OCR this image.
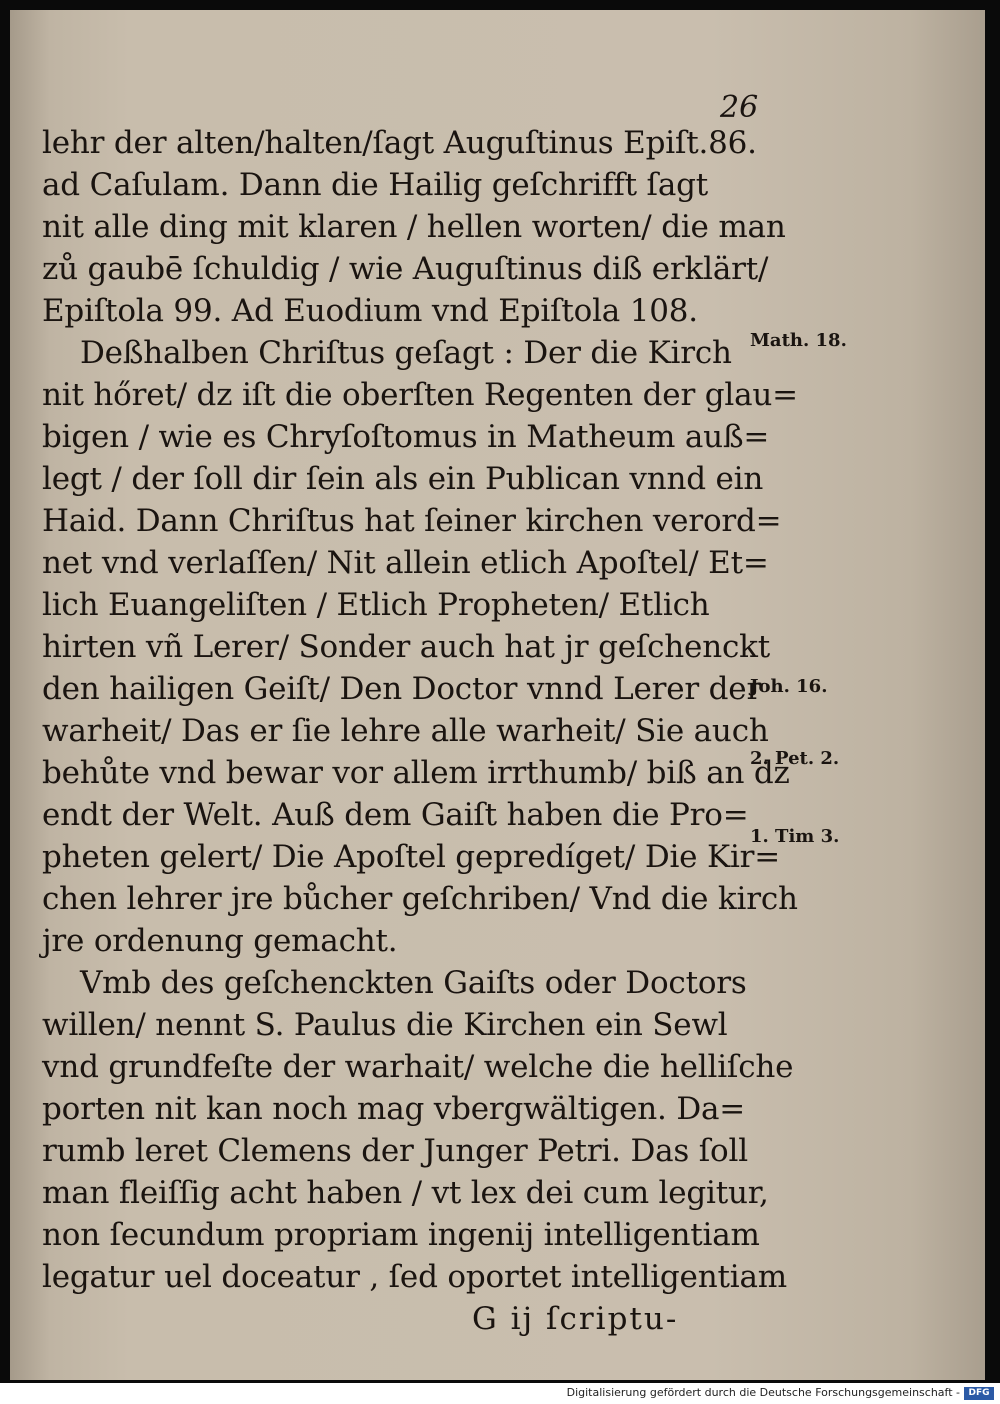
26
lehr der alten/halten/ſagt Auguſtinus Epiſt.86.
ad Caſulam. Dann die Hailig geſchrifft ſagt
nit alle ding mit klaren / hellen worten/ die man
zů gaubē ſchuldig / wie Auguſtinus diß erklärt/
Epiſtola 99. Ad Euodium vnd Epiſtola 108.
Deßhalben Chriſtus geſagt : Der die Kirch
nit hőret/ dz iſt die oberſten Regenten der glau=
bigen / wie es Chryſoſtomus in Matheum auß=
legt / der ſoll dir ſein als ein Publican vnnd ein
Haid. Dann Chriſtus hat ſeiner kirchen verord=
net vnd verlaſſen/ Nit allein etlich Apoſtel/ Et=
lich Euangeliſten / Etlich Propheten/ Etlich
hirten vñ Lerer/ Sonder auch hat jr geſchenckt
den hailigen Geiſt/ Den Doctor vnnd Lerer der
warheit/ Das er ſie lehre alle warheit/ Sie auch
behůte vnd bewar vor allem irrthumb/ biß an dz
endt der Welt. Auß dem Gaiſt haben die Pro=
pheten gelert/ Die Apoſtel gepredíget/ Die Kir=
chen lehrer jre bůcher geſchriben/ Vnd die kirch
jre ordenung gemacht.
Vmb des geſchenckten Gaiſts oder Doctors
willen/ nennt S. Paulus die Kirchen ein Sewl
vnd grundfeſte der warhait/ welche die helliſche
porten nit kan noch mag vbergwältigen. Da=
rumb leret Clemens der Junger Petri. Das ſoll
man fleiſſig acht haben / vt lex dei cum legitur,
non ſecundum propriam ingenij intelligentiam
legatur uel doceatur , ſed oportet intelligentiam
G ij ſcriptu-
Math. 18.
Joh. 16.
2. Pet. 2.
1. Tim 3.
Digitalisierung gefördert durch die Deutsche Forschungsgemeinschaft - DFG
